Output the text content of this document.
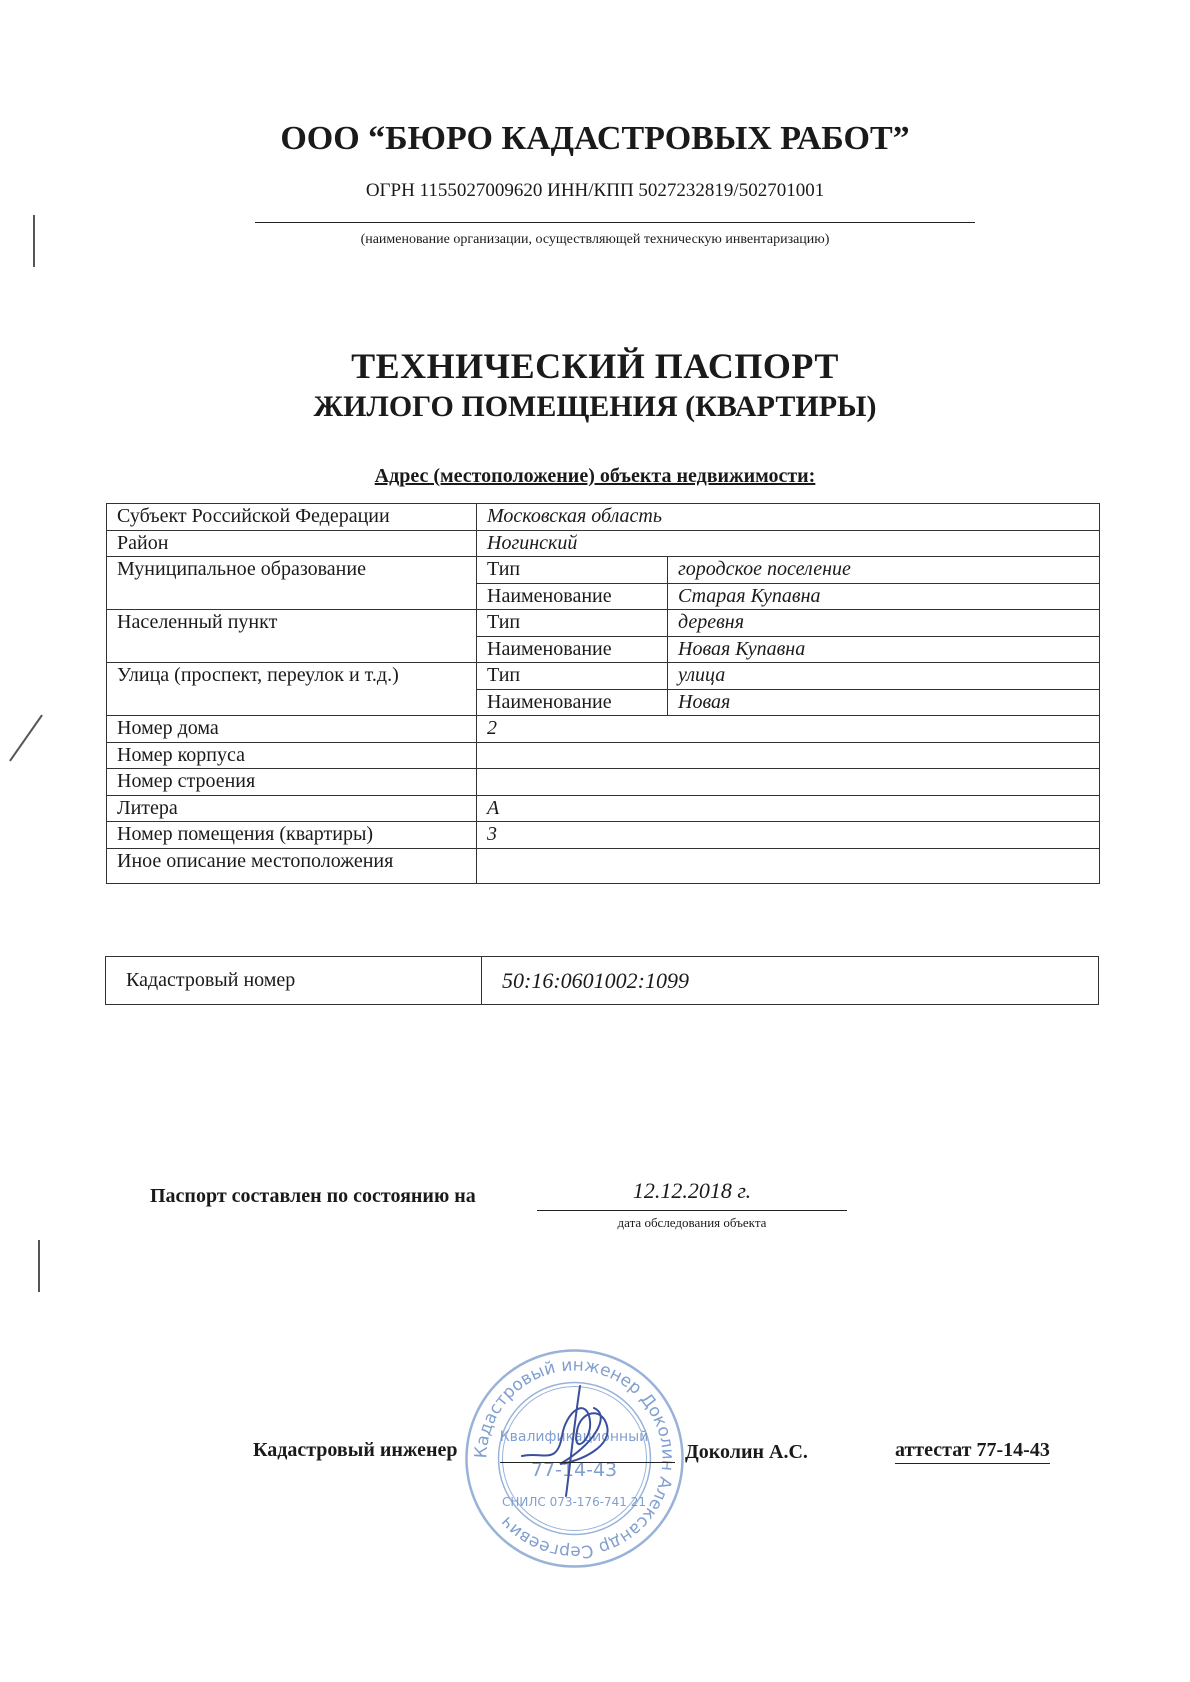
ООО “БЮРО КАДАСТРОВЫХ РАБОТ”
ОГРН 1155027009620 ИНН/КПП 5027232819/502701001
(наименование организации, осуществляющей техническую инвентаризацию)
ТЕХНИЧЕСКИЙ ПАСПОРТ
ЖИЛОГО ПОМЕЩЕНИЯ (КВАРТИРЫ)
Адрес (местоположение) объекта недвижимости:
Субъект Российской Федерации	Московская область	
Район	Ногинский	
Муниципальное образование	Тип	городское поселение
	Наименование	Старая Купавна
Населенный пункт	Тип	деревня
	Наименование	Новая Купавна
Улица (проспект, переулок и т.д.)	Тип	улица
	Наименование	Новая
Номер дома	2	
Номер корпуса		
Номер строения		
Литера	А	
Номер помещения (квартиры)	3	
Иное описание местоположения		
Кадастровый номер	50:16:0601002:1099
Паспорт составлен по состоянию на	12.12.2018 г.
дата обследования объекта
Кадастровый инженер Доколин Александр Сергеевич
Квалификационный
77-14-43
СНИЛС 073-176-741 21
Кадастровый инженер	Доколин А.С.	аттестат 77-14-43
